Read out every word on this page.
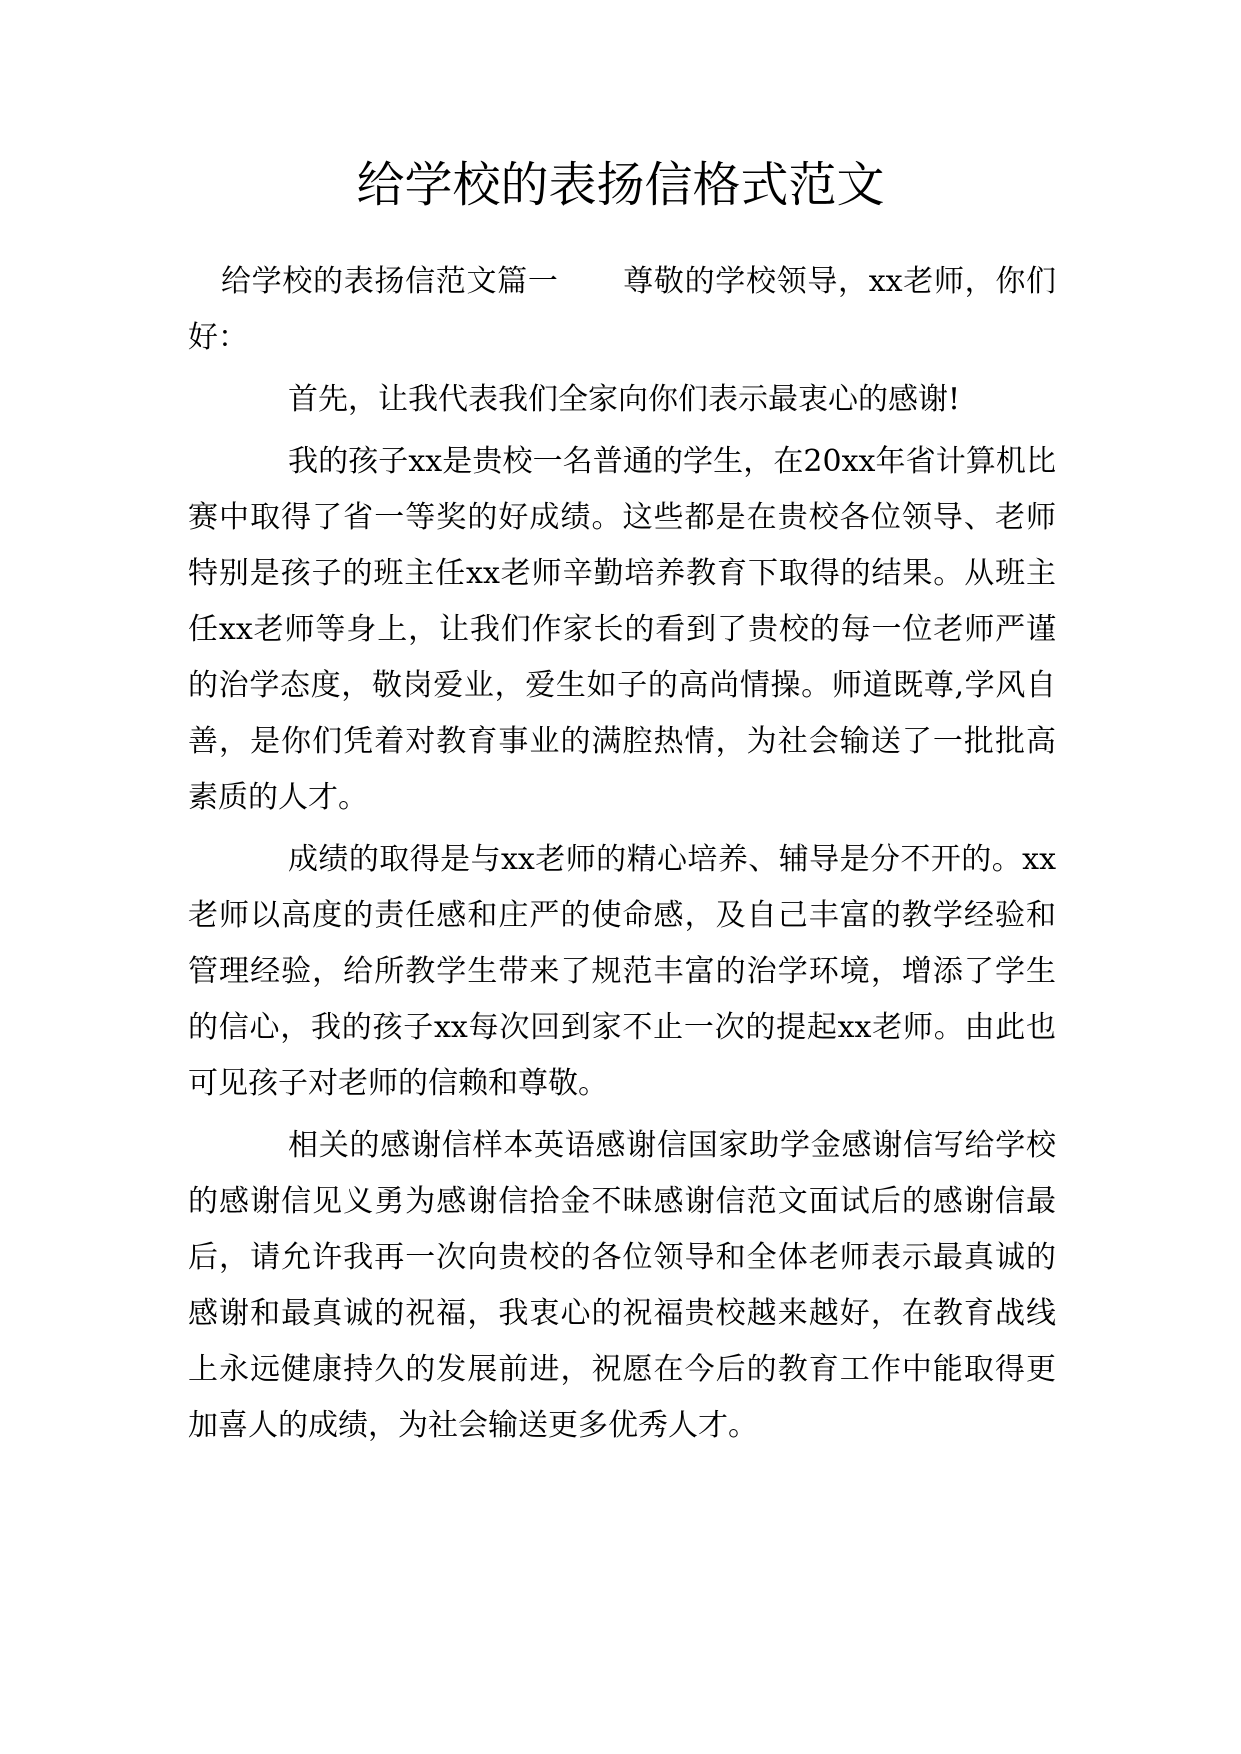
给学校的表扬信格式范文

给学校的表扬信范文篇一 尊敬的学校领导，xx老师，你们好：

首先，让我代表我们全家向你们表示最衷心的感谢!

我的孩子xx是贵校一名普通的学生，在20xx年省计算机比赛中取得了省一等奖的好成绩。这些都是在贵校各位领导、老师特别是孩子的班主任xx老师辛勤培养教育下取得的结果。从班主任xx老师等身上，让我们作家长的看到了贵校的每一位老师严谨的治学态度，敬岗爱业，爱生如子的高尚情操。师道既尊,学风自善，是你们凭着对教育事业的满腔热情，为社会输送了一批批高素质的人才。

成绩的取得是与xx老师的精心培养、辅导是分不开的。xx老师以高度的责任感和庄严的使命感，及自己丰富的教学经验和管理经验，给所教学生带来了规范丰富的治学环境，增添了学生的信心，我的孩子xx每次回到家不止一次的提起xx老师。由此也可见孩子对老师的信赖和尊敬。

相关的感谢信样本英语感谢信国家助学金感谢信写给学校的感谢信见义勇为感谢信拾金不昧感谢信范文面试后的感谢信最后，请允许我再一次向贵校的各位领导和全体老师表示最真诚的感谢和最真诚的祝福，我衷心的祝福贵校越来越好，在教育战线上永远健康持久的发展前进，祝愿在今后的教育工作中能取得更加喜人的成绩，为社会输送更多优秀人才。
